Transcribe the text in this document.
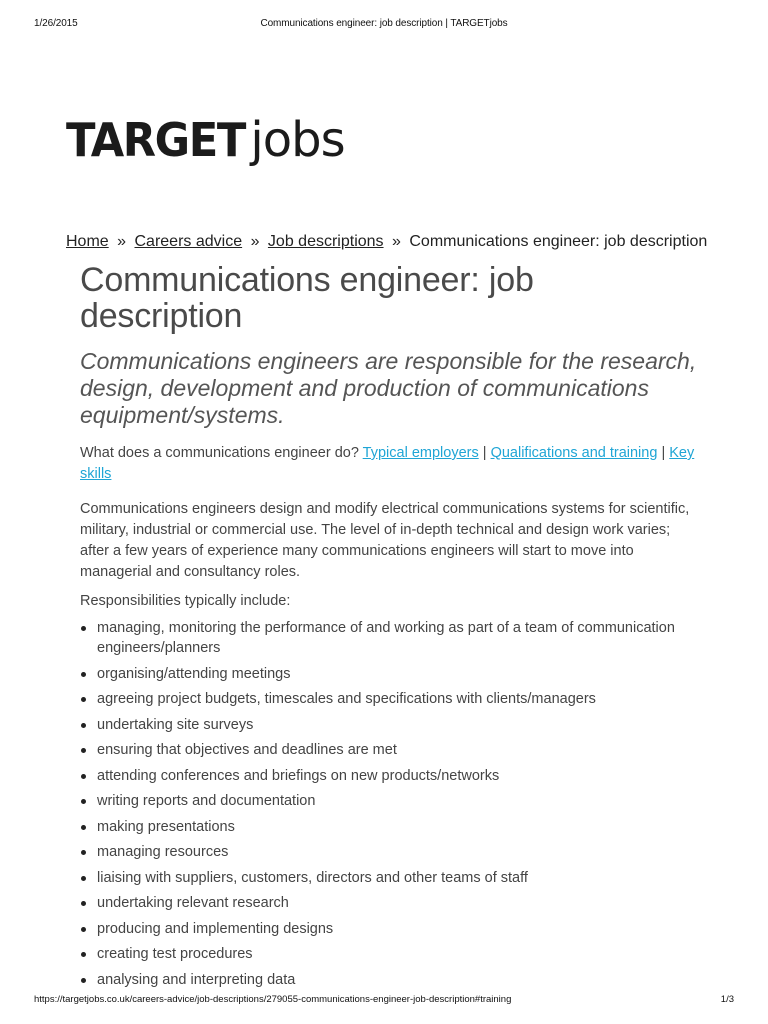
1/26/2015	Communications engineer: job description | TARGETjobs
TARGET jobs
Home » Careers advice » Job descriptions » Communications engineer: job description
Communications engineer: job description

Communications engineers are responsible for the research, design, development and production of communications equipment/systems.

What does a communications engineer do? Typical employers | Qualifications and training | Key skills

Communications engineers design and modify electrical communications systems for scientific, military, industrial or commercial use. The level of in-depth technical and design work varies; after a few years of experience many communications engineers will start to move into managerial and consultancy roles.

Responsibilities typically include:

managing, monitoring the performance of and working as part of a team of communication engineers/planners
organising/attending meetings
agreeing project budgets, timescales and specifications with clients/managers
undertaking site surveys
ensuring that objectives and deadlines are met
attending conferences and briefings on new products/networks
writing reports and documentation
making presentations
managing resources
liaising with suppliers, customers, directors and other teams of staff
undertaking relevant research
producing and implementing designs
creating test procedures
analysing and interpreting data
https://targetjobs.co.uk/careers-advice/job-descriptions/279055-communications-engineer-job-description#training	1/3
